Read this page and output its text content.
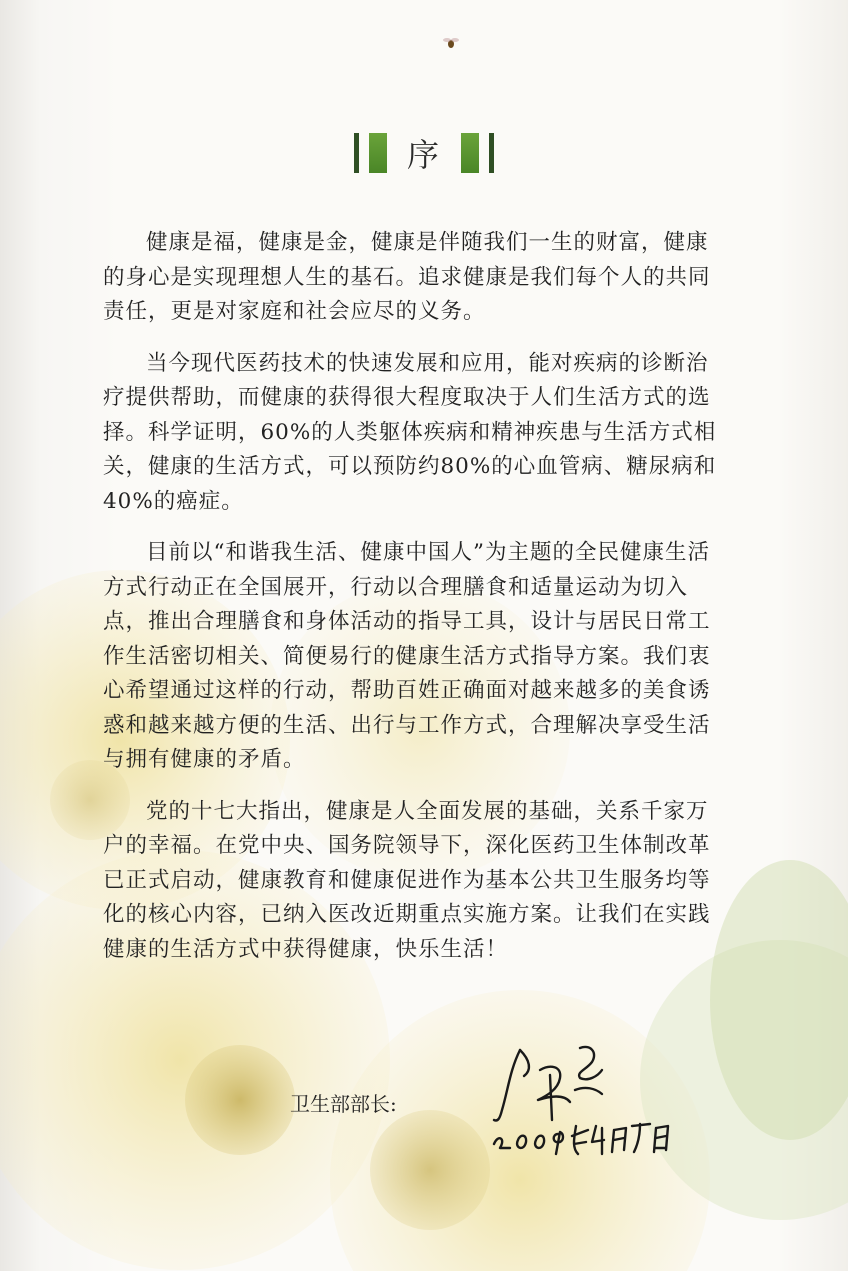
序

健康是福，健康是金，健康是伴随我们一生的财富，健康的身心是实现理想人生的基石。追求健康是我们每个人的共同责任，更是对家庭和社会应尽的义务。

当今现代医药技术的快速发展和应用，能对疾病的诊断治疗提供帮助，而健康的获得很大程度取决于人们生活方式的选择。科学证明，60%的人类躯体疾病和精神疾患与生活方式相关，健康的生活方式，可以预防约80%的心血管病、糖尿病和40%的癌症。

目前以“和谐我生活、健康中国人”为主题的全民健康生活方式行动正在全国展开，行动以合理膳食和适量运动为切入点，推出合理膳食和身体活动的指导工具，设计与居民日常工作生活密切相关、简便易行的健康生活方式指导方案。我们衷心希望通过这样的行动，帮助百姓正确面对越来越多的美食诱惑和越来越方便的生活、出行与工作方式，合理解决享受生活与拥有健康的矛盾。

党的十七大指出，健康是人全面发展的基础，关系千家万户的幸福。在党中央、国务院领导下，深化医药卫生体制改革已正式启动，健康教育和健康促进作为基本公共卫生服务均等化的核心内容，已纳入医改近期重点实施方案。让我们在实践健康的生活方式中获得健康，快乐生活！

卫生部部长:
